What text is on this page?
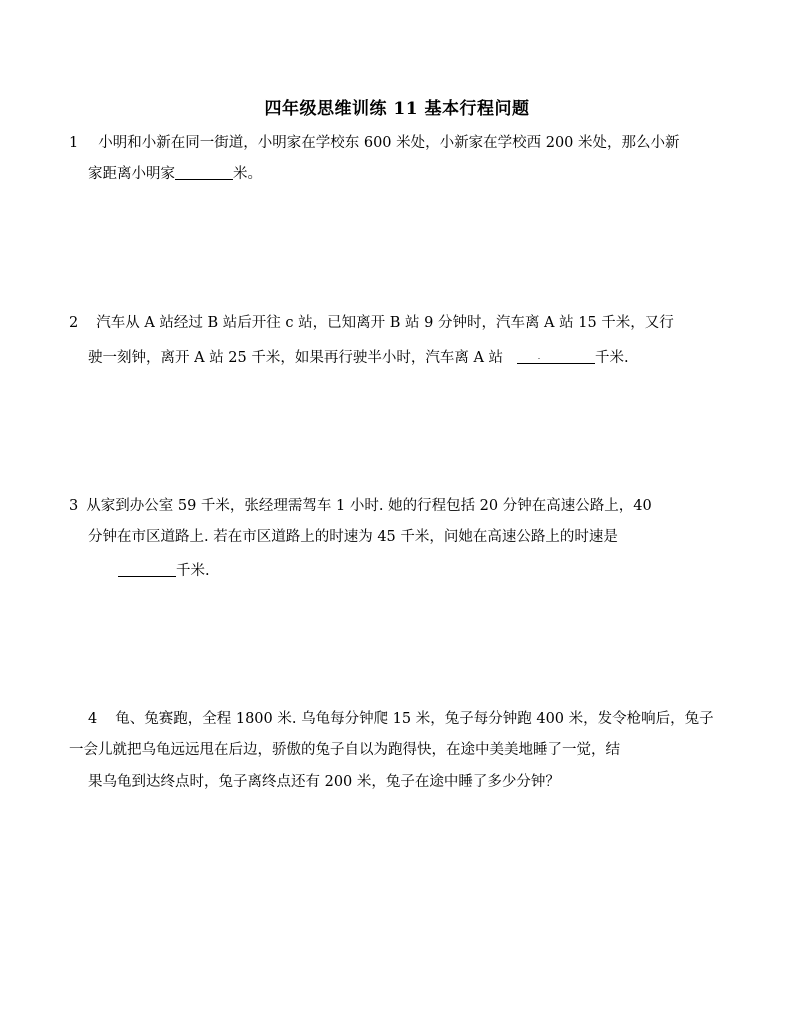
四年级思维训练 11 基本行程问题
1 小明和小新在同一街道，小明家在学校东 600 米处，小新家在学校西 200 米处，那么小新
家距离小明家	米。
2 汽车从 A 站经过 B 站后开往 c 站，已知离开 B 站 9 分钟时，汽车离 A 站 15 千米，又行
驶一刻钟，离开 A 站 25 千米，如果再行驶半小时，汽车离 A 站	千米.
3 从家到办公室 59 千米，张经理需驾车 1 小时. 她的行程包括 20 分钟在高速公路上，40
分钟在市区道路上. 若在市区道路上的时速为 45 千米，问她在高速公路上的时速是
千米.
4 龟、兔赛跑，全程 1800 米. 乌龟每分钟爬 15 米，兔子每分钟跑 400 米，发令枪响后，兔子
一会儿就把乌龟远远甩在后边，骄傲的兔子自以为跑得快，在途中美美地睡了一觉，结
果乌龟到达终点时，兔子离终点还有 200 米，兔子在途中睡了多少分钟？
